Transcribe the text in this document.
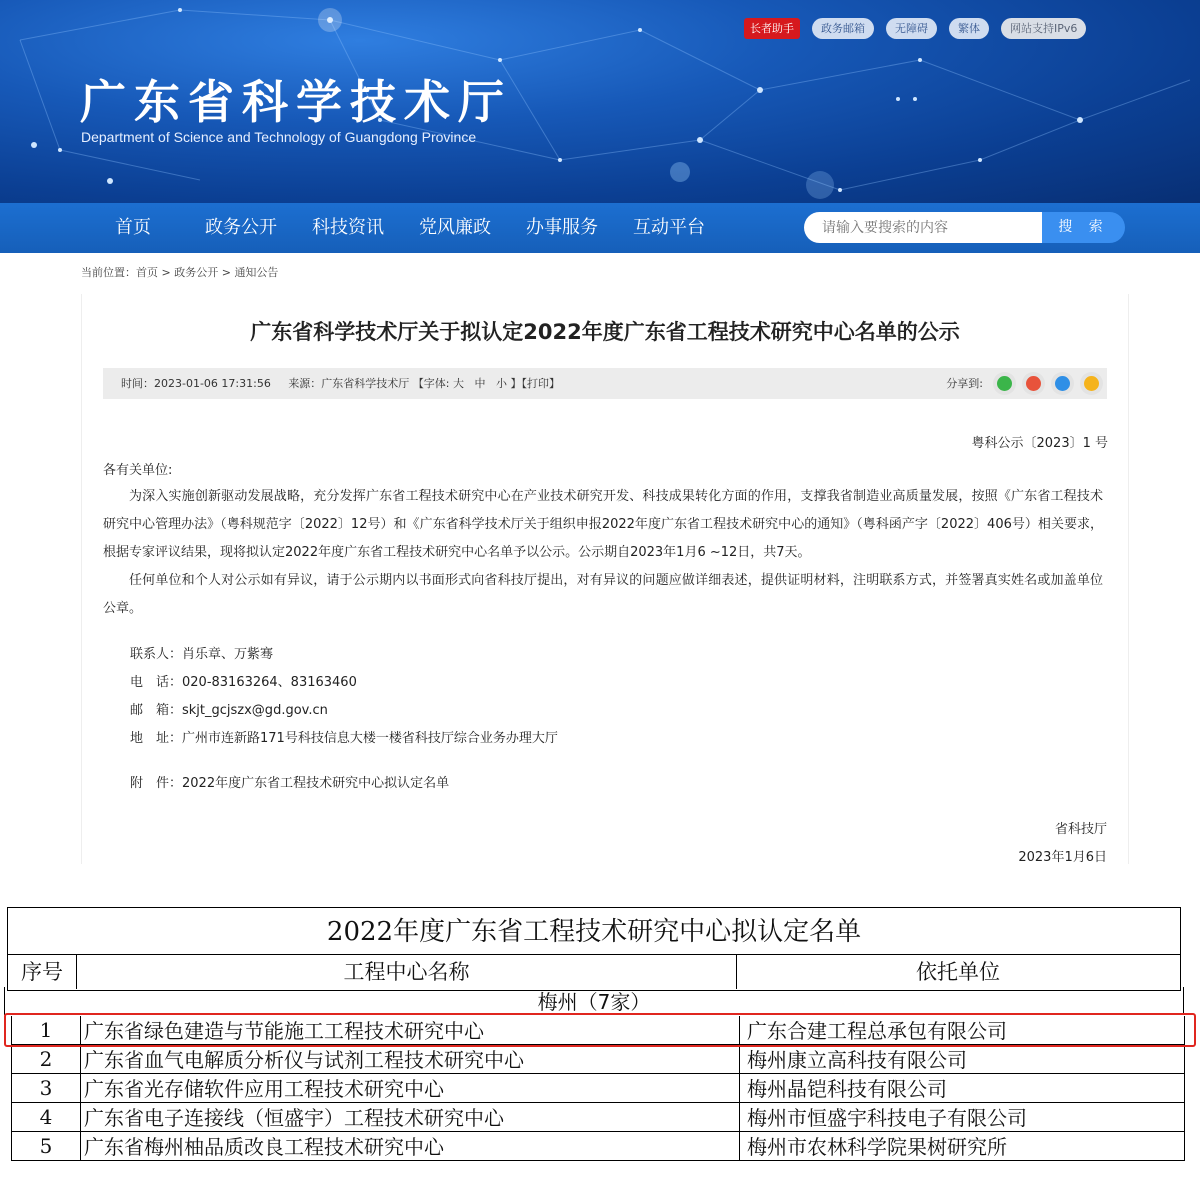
广东省科学技术厅
Department of Science and Technology of Guangdong Province
长者助手	政务邮箱	无障碍	繁体	网站支持IPv6
首页	政务公开 科技资讯 党风廉政 办事服务 互动平台
请输入要搜索的内容	搜 索
当前位置：首页 > 政务公开 > 通知公告
广东省科学技术厅关于拟认定2022年度广东省工程技术研究中心名单的公示
时间：2023-01-06 17:31:56 来源：广东省科学技术厅 【字体: 大 中 小 】【打印】	分享到:
粤科公示〔2023〕1 号
各有关单位:

为深入实施创新驱动发展战略，充分发挥广东省工程技术研究中心在产业技术研究开发、科技成果转化方面的作用，支撑我省制造业高质量发展，按照《广东省工程技术研究中心管理办法》（粤科规范字〔2022〕12号）和《广东省科学技术厅关于组织申报2022年度广东省工程技术研究中心的通知》（粤科函产字〔2022〕406号）相关要求，根据专家评议结果，现将拟认定2022年度广东省工程技术研究中心名单予以公示。公示期自2023年1月6 ~12日，共7天。

任何单位和个人对公示如有异议，请于公示期内以书面形式向省科技厅提出，对有异议的问题应做详细表述，提供证明材料，注明联系方式，并签署真实姓名或加盖单位公章。

联系人：肖乐章、万紫骞
电　话：020-83163264、83163460
邮　箱：skjt_gcjszx@gd.gov.cn
地　址：广州市连新路171号科技信息大楼一楼省科技厅综合业务办理大厅
附　件：2022年度广东省工程技术研究中心拟认定名单
省科技厅
2023年1月6日
2022年度广东省工程技术研究中心拟认定名单
序号	工程中心名称	依托单位
梅州（7家）
1	广东省绿色建造与节能施工工程技术研究中心	广东合建工程总承包有限公司
2	广东省血气电解质分析仪与试剂工程技术研究中心	梅州康立高科技有限公司
3	广东省光存储软件应用工程技术研究中心	梅州晶铠科技有限公司
4	广东省电子连接线（恒盛宇）工程技术研究中心	梅州市恒盛宇科技电子有限公司
5	广东省梅州柚品质改良工程技术研究中心	梅州市农林科学院果树研究所
